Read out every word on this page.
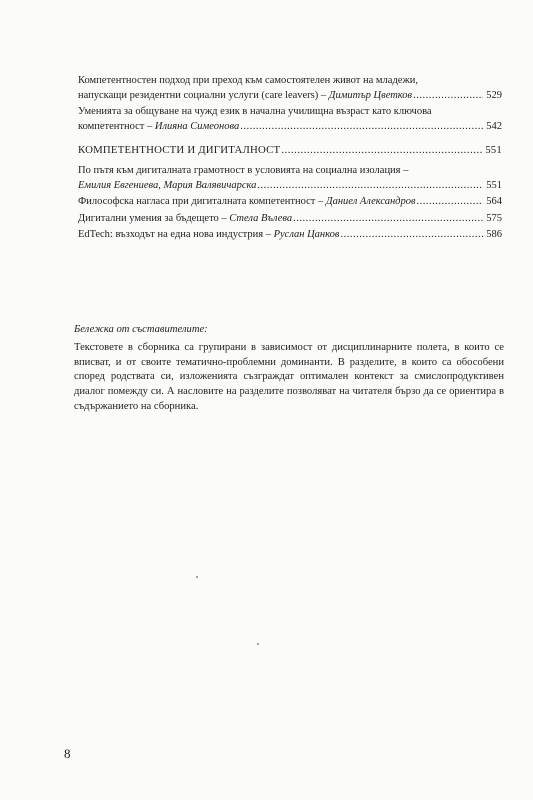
Компетентностен подход при преход към самостоятелен живот на младежи,
напускащи резидентни социални услуги (care leavers) – Димитър Цветков .....	529
Уменията за общуване на чужд език в начална училищна възраст като ключова
компетентност – Илияна Симеонова .....	542
КОМПЕТЕНТНОСТИ И ДИГИТАЛНОСТ .....	551
По пътя към дигиталната грамотност в условията на социална изолация –
Емилия Евгениева, Мария Валявичарска .....	551
Философска нагласа при дигиталната компетентност – Даниел Александров .....	564
Дигитални умения за бъдещето – Стела Вълева .....	575
EdTech: възходът на една нова индустрия – Руслан Цанков .....	586
Бележка от съставителите:
Текстовете в сборника са групирани в зависимост от дисциплинарните полета, в които се вписват, и от своите тематично-проблемни доминанти. В разделите, в които са обособени според родствата си, изложенията съзграждат оптимален контекст за смислопродуктивен диалог помежду си. А насловите на разделите позволяват на читателя бързо да се ориентира в съдържанието на сборника.
8
